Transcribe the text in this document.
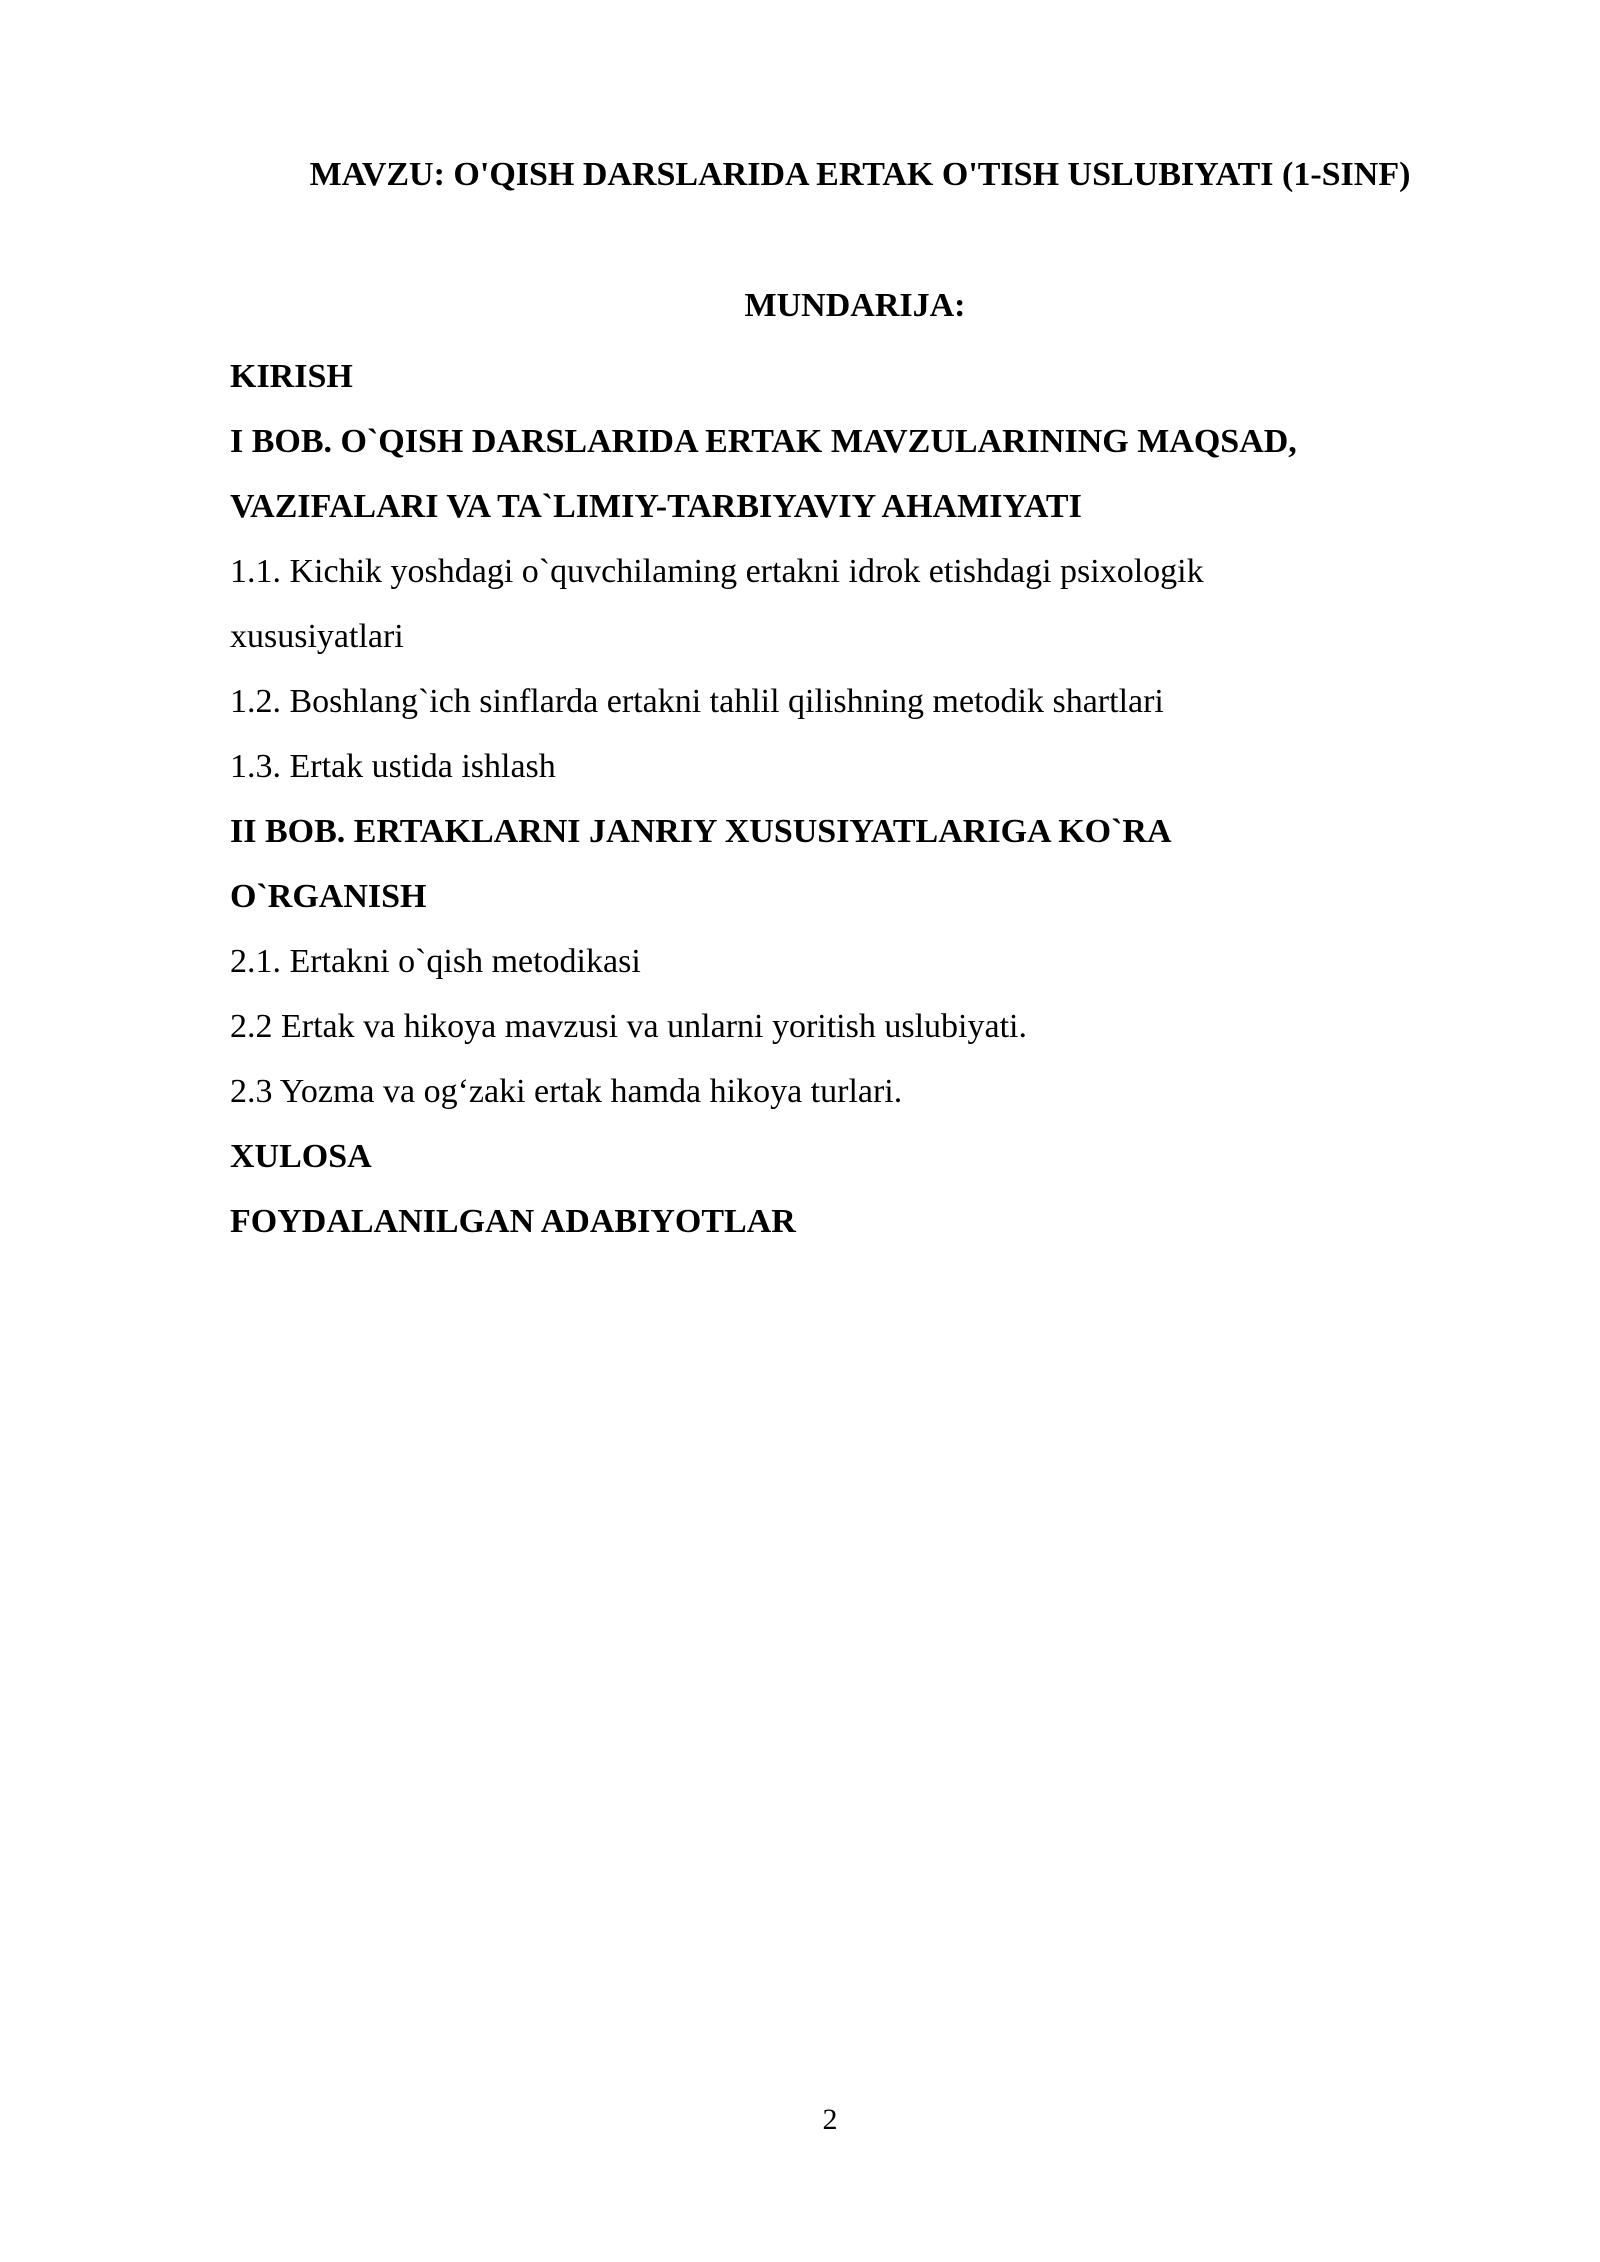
MAVZU: O'QISH DARSLARIDA ERTAK O'TISH USLUBIYATI (1-SINF)
MUNDARIJA:
KIRISH
I BOB. O`QISH DARSLARIDA ERTAK MAVZULARINING MAQSAD,
VAZIFALARI VA TA`LIMIY-TARBIYAVIY AHAMIYATI
1.1. Kichik yoshdagi o`quvchilaming ertakni idrok etishdagi psixologik
xususiyatlari
1.2. Boshlang`ich sinflarda ertakni tahlil qilishning metodik shartlari
1.3. Ertak ustida ishlash
II BOB. ERTAKLARNI JANRIY XUSUSIYATLARIGA KO`RA
O`RGANISH
2.1. Ertakni o`qish metodikasi
2.2 Ertak va hikoya mavzusi va unlarni yoritish uslubiyati.
2.3 Yozma va og‘zaki ertak hamda hikoya turlari.
XULOSA
FOYDALANILGAN ADABIYOTLAR
2
